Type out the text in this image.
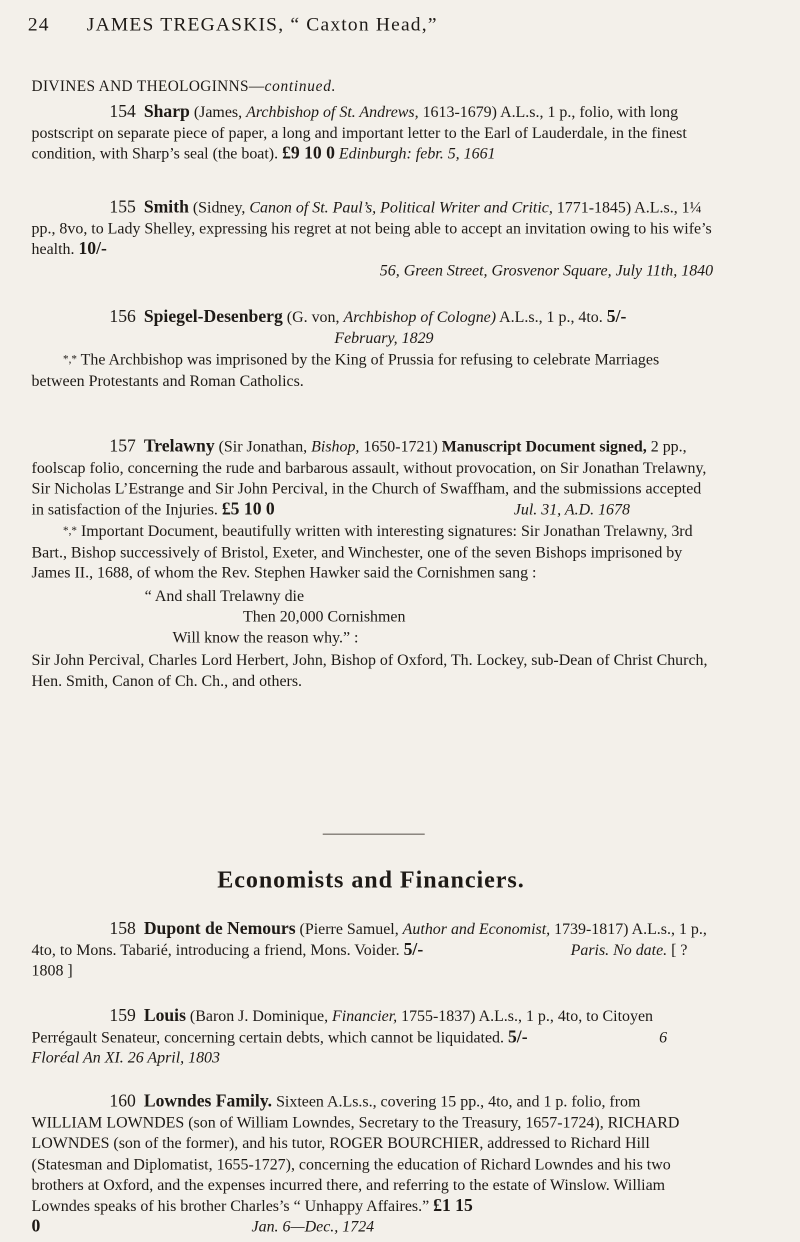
24 JAMES TREGASKIS, “ Caxton Head,”
DIVINES AND THEOLOGINNS—continued.

154 Sharp (James, Archbishop of St. Andrews, 1613-1679) A.L.s., 1 p., folio, with long postscript on separate piece of paper, a long and important letter to the Earl of Lauderdale, in the finest condition, with Sharp’s seal (the boat). £9 10 0 Edinburgh: febr. 5, 1661

155 Smith (Sidney, Canon of St. Paul’s, Political Writer and Critic, 1771-1845) A.L.s., 1¼ pp., 8vo, to Lady Shelley, expressing his regret at not being able to accept an invitation owing to his wife’s health. 10/-

56, Green Street, Grosvenor Square, July 11th, 1840

156 Spiegel-Desenberg (G. von, Archbishop of Cologne) A.L.s., 1 p., 4to. 5/-                                                                            February, 1829

*,* The Archbishop was imprisoned by the King of Prussia for refusing to celebrate Marriages between Protestants and Roman Catholics.

157 Trelawny (Sir Jonathan, Bishop, 1650-1721) Manuscript Document signed, 2 pp., foolscap folio, concerning the rude and barbarous assault, without provocation, on Sir Jonathan Trelawny, Sir Nicholas L’Estrange and Sir John Percival, in the Church of Swaffham, and the submissions accepted in satisfaction of the Injuries. £5 10 0	Jul. 31, A.D. 1678

*,* Important Document, beautifully written with interesting signatures: Sir Jonathan Trelawny, 3rd Bart., Bishop successively of Bristol, Exeter, and Winchester, one of the seven Bishops imprisoned by James II., 1688, of whom the Rev. Stephen Hawker said the Cornishmen sang :

“ And shall Trelawny die

Then 20,000 Cornishmen

Will know the reason why.” :

Sir John Percival, Charles Lord Herbert, John, Bishop of Oxford, Th. Lockey, sub-Dean of Christ Church, Hen. Smith, Canon of Ch. Ch., and others.

Economists and Financiers.

158 Dupont de Nemours (Pierre Samuel, Author and Economist, 1739-1817) A.L.s., 1 p., 4to, to Mons. Tabarié, introducing a friend, Mons. Voider. 5/-	Paris. No date. [ ? 1808 ]

159 Louis (Baron J. Dominique, Financier, 1755-1837) A.L.s., 1 p., 4to, to Citoyen Perrégault Senateur, concerning certain debts, which cannot be liquidated. 5/-	6 Floréal An XI. 26 April, 1803

160 Lowndes Family. Sixteen A.Ls.s., covering 15 pp., 4to, and 1 p. folio, from WILLIAM LOWNDES (son of William Lowndes, Secretary to the Treasury, 1657-1724), RICHARD LOWNDES (son of the former), and his tutor, ROGER BOURCHIER, addressed to Richard Hill (Statesman and Diplomatist, 1655-1727), concerning the education of Richard Lowndes and his two brothers at Oxford, and the expenses incurred there, and referring to the estate of Winslow. William Lowndes speaks of his brother Charles’s “ Unhappy Affaires.” £1 15 0	Jan. 6—Dec., 1724
